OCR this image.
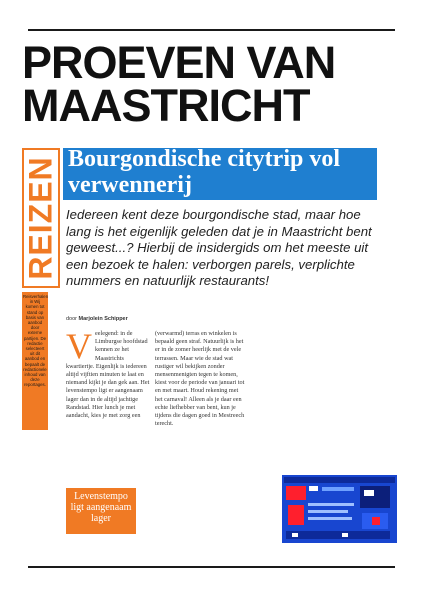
PROEVEN VAN MAASTRICHT
REIZEN Bourgondische citytrip vol verwennerij
Iedereen kent deze bourgondische stad, maar hoe lang is het eigenlijk geleden dat je in Maastricht bent geweest...? Hierbij de insidergids om het meeste uit een bezoek te halen: verborgen parels, verplichte nummers en natuurlijk restaurants!
door Marjolein Schipper
Reisverhalen in Wij komen tot stand op basis van aanbod door externe partijen. De redactie selecteert uit dit aanbod en bepaalt de redactionele inhoud van deze reportages.
V eelegend: in de Limburgse hoofdstad kennen ze het Maastrichts kwartiertje. Eigenlijk is iedereen altijd vijftien minuten te laat en niemand kijkt je dan gek aan. Het levenstempo ligt er aangenaam lager dan in de altijd jachtige Randstad. Hier lunch je met aandacht, kies je met zorg een
(verwarmd) terras en winkelen is bepaald geen straf. Natuurlijk is het er in de zomer heerlijk met de vele terrassen. Maar wie de stad wat rustiger wil bekijken zonder mensenmenigten tegen te komen, kiest voor de periode van januari tot en met maart. Houd rekening met het carnaval! Alleen als je daar een echte liefhebber van bent, kun je tijdens die dagen goed in Mestreech terecht.
Levenstempo ligt aangenaam lager
